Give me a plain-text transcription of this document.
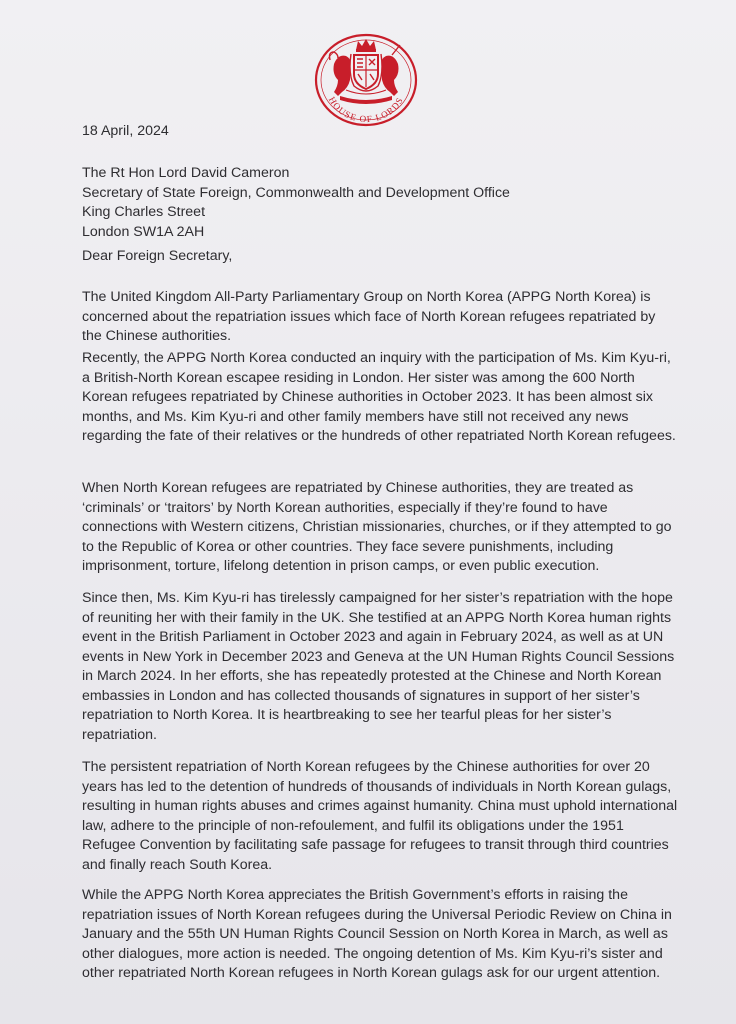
HOUSE OF LORDS
18 April, 2024
The Rt Hon Lord David Cameron
Secretary of State Foreign, Commonwealth and Development Office
King Charles Street
London SW1A 2AH
Dear Foreign Secretary,

The United Kingdom All-Party Parliamentary Group on North Korea (APPG North Korea) is concerned about the repatriation issues which face of North Korean refugees repatriated by the Chinese authorities.

Recently, the APPG North Korea conducted an inquiry with the participation of Ms. Kim Kyu-ri, a British-North Korean escapee residing in London. Her sister was among the 600 North Korean refugees repatriated by Chinese authorities in October 2023. It has been almost six months, and Ms. Kim Kyu-ri and other family members have still not received any news regarding the fate of their relatives or the hundreds of other repatriated North Korean refugees.

When North Korean refugees are repatriated by Chinese authorities, they are treated as ‘criminals’ or ‘traitors’ by North Korean authorities, especially if they’re found to have connections with Western citizens, Christian missionaries, churches, or if they attempted to go to the Republic of Korea or other countries. They face severe punishments, including imprisonment, torture, lifelong detention in prison camps, or even public execution.

Since then, Ms. Kim Kyu-ri has tirelessly campaigned for her sister’s repatriation with the hope of reuniting her with their family in the UK. She testified at an APPG North Korea human rights event in the British Parliament in October 2023 and again in February 2024, as well as at UN events in New York in December 2023 and Geneva at the UN Human Rights Council Sessions in March 2024. In her efforts, she has repeatedly protested at the Chinese and North Korean embassies in London and has collected thousands of signatures in support of her sister’s repatriation to North Korea. It is heartbreaking to see her tearful pleas for her sister’s repatriation.

The persistent repatriation of North Korean refugees by the Chinese authorities for over 20 years has led to the detention of hundreds of thousands of individuals in North Korean gulags, resulting in human rights abuses and crimes against humanity. China must uphold international law, adhere to the principle of non-refoulement, and fulfil its obligations under the 1951 Refugee Convention by facilitating safe passage for refugees to transit through third countries and finally reach South Korea.

While the APPG North Korea appreciates the British Government’s efforts in raising the repatriation issues of North Korean refugees during the Universal Periodic Review on China in January and the 55th UN Human Rights Council Session on North Korea in March, as well as other dialogues, more action is needed. The ongoing detention of Ms. Kim Kyu-ri’s sister and other repatriated North Korean refugees in North Korean gulags ask for our urgent attention.
